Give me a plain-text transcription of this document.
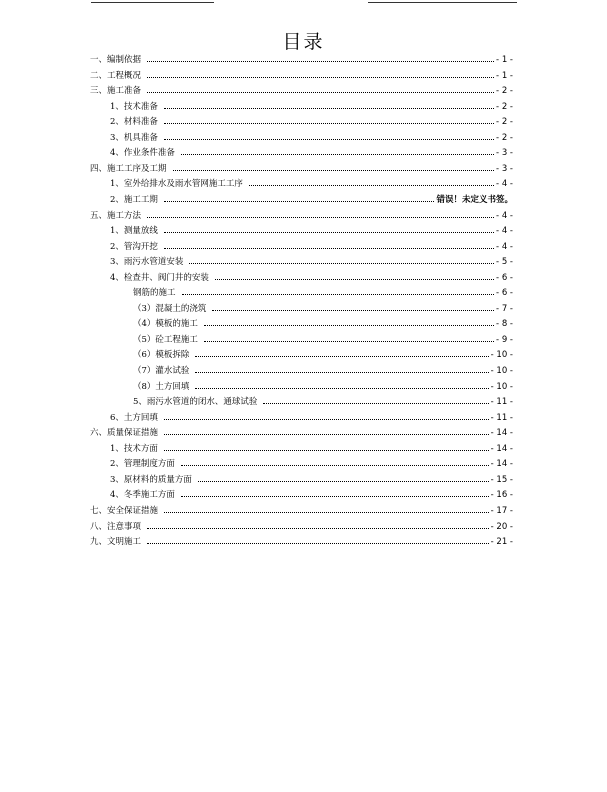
目录
一、编制依据	- 1 -
二、工程概况	- 1 -
三、施工准备	- 2 -
1、技术准备	- 2 -
2、材料准备	- 2 -
3、机具准备	- 2 -
4、作业条件准备	- 3 -
四、施工工序及工期	- 3 -
1、室外给排水及雨水管网施工工序	- 4 -
2、施工工期	错误！未定义书签。
五、施工方法	- 4 -
1、测量放线	- 4 -
2、管沟开挖	- 4 -
3、雨污水管道安装	- 5 -
4、检查井、阀门井的安装	- 6 -
钢筋的施工	- 6 -
（3）混凝土的浇筑	- 7 -
（4）模板的施工	- 8 -
（5）砼工程施工	- 9 -
（6）模板拆除	- 10 -
（7）灌水试验	- 10 -
（8）土方回填	- 10 -
5、雨污水管道的闭水、通球试验	- 11 -
6、土方回填	- 11 -
六、质量保证措施	- 14 -
1、技术方面	- 14 -
2、管理制度方面	- 14 -
3、原材料的质量方面	- 15 -
4、冬季施工方面	- 16 -
七、安全保证措施	- 17 -
八、注意事项	- 20 -
九、文明施工	- 21 -
